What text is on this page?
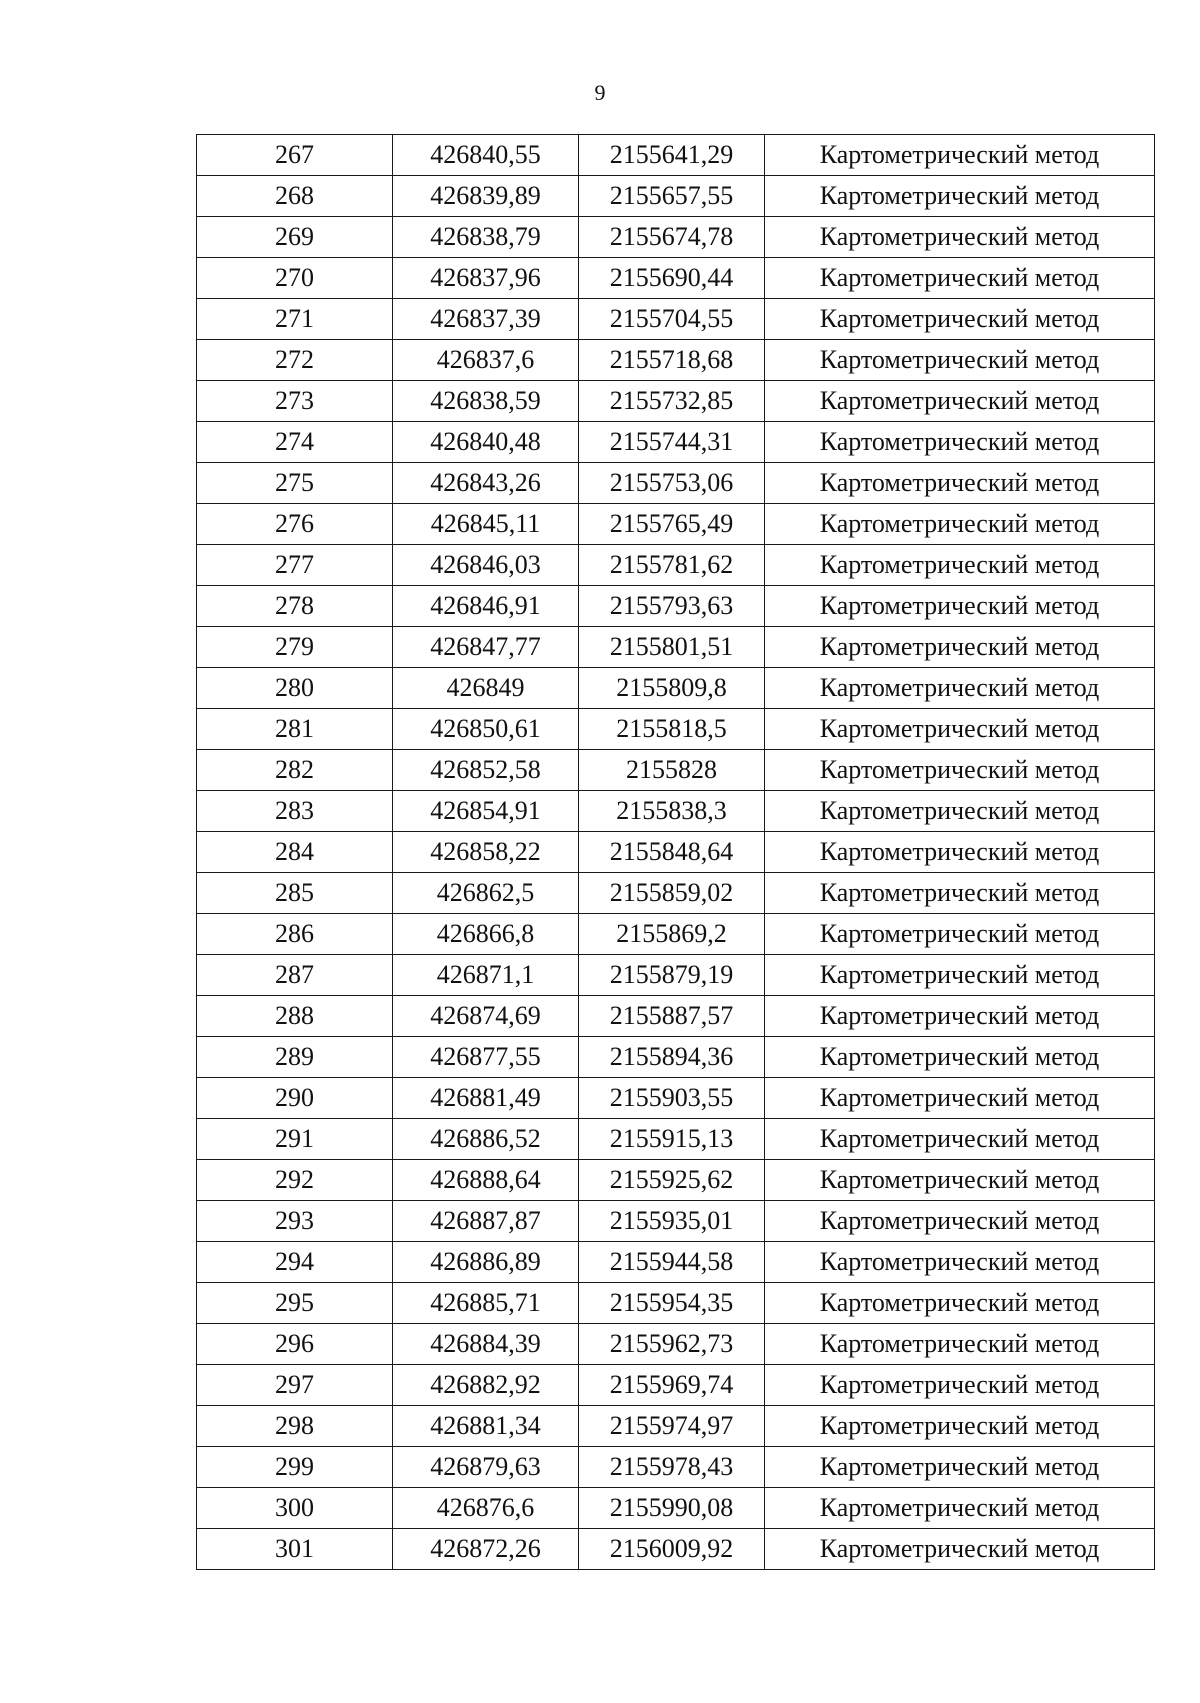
9
267	426840,55	2155641,29	Картометрический метод
268	426839,89	2155657,55	Картометрический метод
269	426838,79	2155674,78	Картометрический метод
270	426837,96	2155690,44	Картометрический метод
271	426837,39	2155704,55	Картометрический метод
272	426837,6	2155718,68	Картометрический метод
273	426838,59	2155732,85	Картометрический метод
274	426840,48	2155744,31	Картометрический метод
275	426843,26	2155753,06	Картометрический метод
276	426845,11	2155765,49	Картометрический метод
277	426846,03	2155781,62	Картометрический метод
278	426846,91	2155793,63	Картометрический метод
279	426847,77	2155801,51	Картометрический метод
280	426849	2155809,8	Картометрический метод
281	426850,61	2155818,5	Картометрический метод
282	426852,58	2155828	Картометрический метод
283	426854,91	2155838,3	Картометрический метод
284	426858,22	2155848,64	Картометрический метод
285	426862,5	2155859,02	Картометрический метод
286	426866,8	2155869,2	Картометрический метод
287	426871,1	2155879,19	Картометрический метод
288	426874,69	2155887,57	Картометрический метод
289	426877,55	2155894,36	Картометрический метод
290	426881,49	2155903,55	Картометрический метод
291	426886,52	2155915,13	Картометрический метод
292	426888,64	2155925,62	Картометрический метод
293	426887,87	2155935,01	Картометрический метод
294	426886,89	2155944,58	Картометрический метод
295	426885,71	2155954,35	Картометрический метод
296	426884,39	2155962,73	Картометрический метод
297	426882,92	2155969,74	Картометрический метод
298	426881,34	2155974,97	Картометрический метод
299	426879,63	2155978,43	Картометрический метод
300	426876,6	2155990,08	Картометрический метод
301	426872,26	2156009,92	Картометрический метод
